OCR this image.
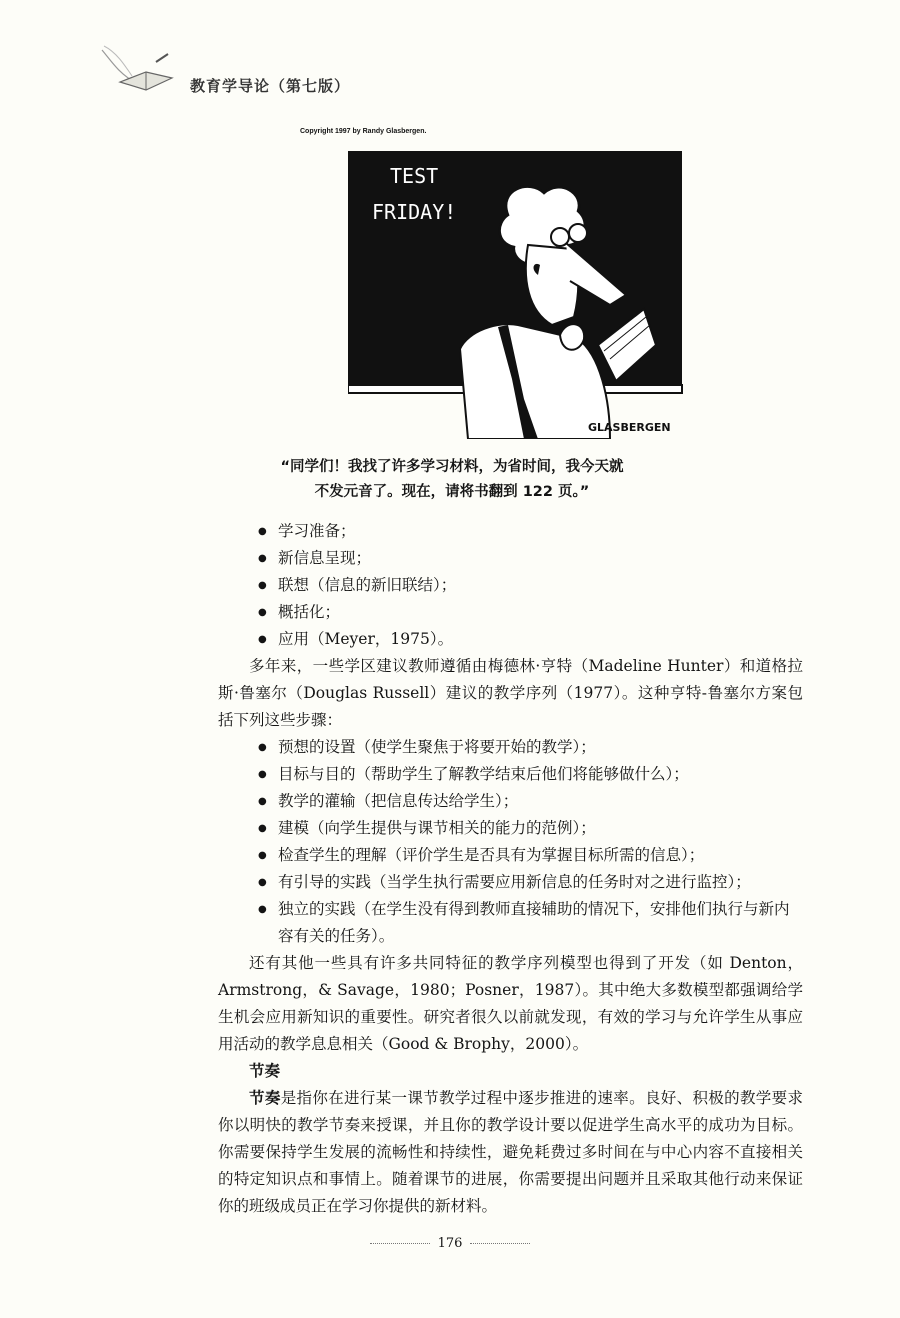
教育学导论（第七版）
Copyright 1997 by Randy Glasbergen.
TEST
FRIDAY!
GLASBERGEN
“同学们！我找了许多学习材料，为省时间，我今天就
不发元音了。现在，请将书翻到 122 页。”
● 学习准备；
● 新信息呈现；
● 联想（信息的新旧联结）；
● 概括化；
● 应用（Meyer，1975）。

多年来，一些学区建议教师遵循由梅德林·亨特（Madeline Hunter）和道格拉斯·鲁塞尔（Douglas Russell）建议的教学序列（1977）。这种亨特-鲁塞尔方案包括下列这些步骤：

● 预想的设置（使学生聚焦于将要开始的教学）；
● 目标与目的（帮助学生了解教学结束后他们将能够做什么）；
● 教学的灌输（把信息传达给学生）；
● 建模（向学生提供与课节相关的能力的范例）；
● 检查学生的理解（评价学生是否具有为掌握目标所需的信息）；
● 有引导的实践（当学生执行需要应用新信息的任务时对之进行监控）；
● 独立的实践（在学生没有得到教师直接辅助的情况下，安排他们执行与新内容有关的任务）。

还有其他一些具有许多共同特征的教学序列模型也得到了开发（如 Denton，Armstrong，& Savage，1980；Posner，1987）。其中绝大多数模型都强调给学生机会应用新知识的重要性。研究者很久以前就发现，有效的学习与允许学生从事应用活动的教学息息相关（Good & Brophy，2000）。

节奏

节奏是指你在进行某一课节教学过程中逐步推进的速率。良好、积极的教学要求你以明快的教学节奏来授课，并且你的教学设计要以促进学生高水平的成功为目标。你需要保持学生发展的流畅性和持续性，避免耗费过多时间在与中心内容不直接相关的特定知识点和事情上。随着课节的进展，你需要提出问题并且采取其他行动来保证你的班级成员正在学习你提供的新材料。

176
